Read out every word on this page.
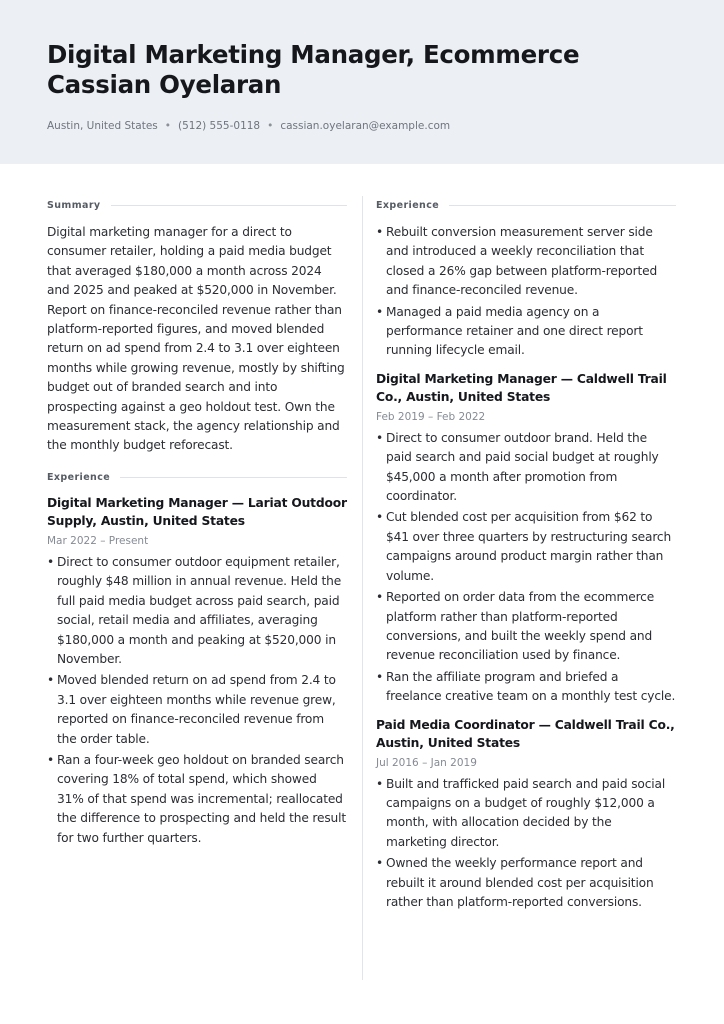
Digital Marketing Manager, Ecommerce
Cassian Oyelaran
Austin, United States • (512) 555-0118 • cassian.oyelaran@example.com
Summary

Digital marketing manager for a direct to consumer retailer, holding a paid media budget that averaged $180,000 a month across 2024 and 2025 and peaked at $520,000 in November. Report on finance-reconciled revenue rather than platform-reported figures, and moved blended return on ad spend from 2.4 to 3.1 over eighteen months while growing revenue, mostly by shifting budget out of branded search and into prospecting against a geo holdout test. Own the measurement stack, the agency relationship and the monthly budget reforecast.

Experience
Digital Marketing Manager — Lariat Outdoor Supply, Austin, United States
Mar 2022 – Present
• Direct to consumer outdoor equipment retailer, roughly $48 million in annual revenue. Held the full paid media budget across paid search, paid social, retail media and affiliates, averaging $180,000 a month and peaking at $520,000 in November.
• Moved blended return on ad spend from 2.4 to 3.1 over eighteen months while revenue grew, reported on finance-reconciled revenue from the order table.
• Ran a four-week geo holdout on branded search covering 18% of total spend, which showed 31% of that spend was incremental; reallocated the difference to prospecting and held the result for two further quarters.
Experience
• Rebuilt conversion measurement server side and introduced a weekly reconciliation that closed a 26% gap between platform-reported and finance-reconciled revenue.
• Managed a paid media agency on a performance retainer and one direct report running lifecycle email.
Digital Marketing Manager — Caldwell Trail Co., Austin, United States
Feb 2019 – Feb 2022
• Direct to consumer outdoor brand. Held the paid search and paid social budget at roughly $45,000 a month after promotion from coordinator.
• Cut blended cost per acquisition from $62 to $41 over three quarters by restructuring search campaigns around product margin rather than volume.
• Reported on order data from the ecommerce platform rather than platform-reported conversions, and built the weekly spend and revenue reconciliation used by finance.
• Ran the affiliate program and briefed a freelance creative team on a monthly test cycle.
Paid Media Coordinator — Caldwell Trail Co., Austin, United States
Jul 2016 – Jan 2019
• Built and trafficked paid search and paid social campaigns on a budget of roughly $12,000 a month, with allocation decided by the marketing director.
• Owned the weekly performance report and rebuilt it around blended cost per acquisition rather than platform-reported conversions.
